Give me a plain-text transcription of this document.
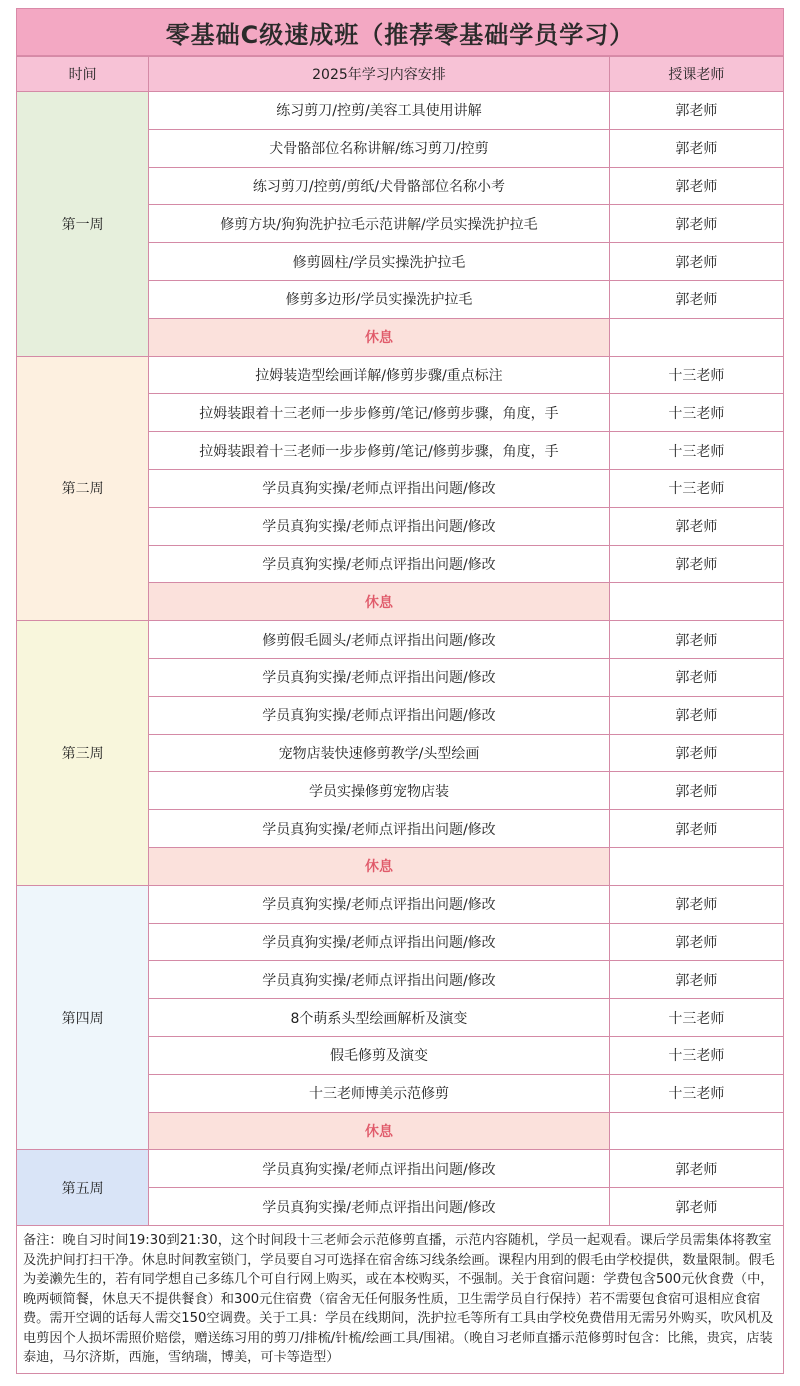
零基础C级速成班（推荐零基础学员学习）
时间	2025年学习内容安排	授课老师
第一周	练习剪刀/控剪/美容工具使用讲解	郭老师
	犬骨骼部位名称讲解/练习剪刀/控剪	郭老师
	练习剪刀/控剪/剪纸/犬骨骼部位名称小考	郭老师
	修剪方块/狗狗洗护拉毛示范讲解/学员实操洗护拉毛	郭老师
	修剪圆柱/学员实操洗护拉毛	郭老师
	修剪多边形/学员实操洗护拉毛	郭老师
	休息	
第二周	拉姆装造型绘画详解/修剪步骤/重点标注	十三老师
	拉姆装跟着十三老师一步步修剪/笔记/修剪步骤，角度，手	十三老师
	拉姆装跟着十三老师一步步修剪/笔记/修剪步骤，角度，手	十三老师
	学员真狗实操/老师点评指出问题/修改	十三老师
	学员真狗实操/老师点评指出问题/修改	郭老师
	学员真狗实操/老师点评指出问题/修改	郭老师
	休息	
第三周	修剪假毛圆头/老师点评指出问题/修改	郭老师
	学员真狗实操/老师点评指出问题/修改	郭老师
	学员真狗实操/老师点评指出问题/修改	郭老师
	宠物店装快速修剪教学/头型绘画	郭老师
	学员实操修剪宠物店装	郭老师
	学员真狗实操/老师点评指出问题/修改	郭老师
	休息	
第四周	学员真狗实操/老师点评指出问题/修改	郭老师
	学员真狗实操/老师点评指出问题/修改	郭老师
	学员真狗实操/老师点评指出问题/修改	郭老师
	8个萌系头型绘画解析及演变	十三老师
	假毛修剪及演变	十三老师
	十三老师博美示范修剪	十三老师
	休息	
第五周	学员真狗实操/老师点评指出问题/修改	郭老师
	学员真狗实操/老师点评指出问题/修改	郭老师
备注：晚自习时间19:30到21:30，这个时间段十三老师会示范修剪直播，示范内容随机，学员一起观看。课后学员需集体将教室及洗护间打扫干净。休息时间教室锁门，学员要自习可选择在宿舍练习线条绘画。课程内用到的假毛由学校提供，数量限制。假毛为姜濑先生的，若有同学想自己多练几个可自行网上购买，或在本校购买，不强制。关于食宿问题：学费包含500元伙食费（中，晚两顿简餐，休息天不提供餐食）和300元住宿费（宿舍无任何服务性质，卫生需学员自行保持）若不需要包食宿可退相应食宿费。需开空调的话每人需交150空调费。关于工具：学员在线期间，洗护拉毛等所有工具由学校免费借用无需另外购买，吹风机及电剪因个人损坏需照价赔偿，赠送练习用的剪刀/排梳/针梳/绘画工具/围裙。（晚自习老师直播示范修剪时包含：比熊，贵宾，店装泰迪，马尔济斯，西施，雪纳瑞，博美，可卡等造型）
